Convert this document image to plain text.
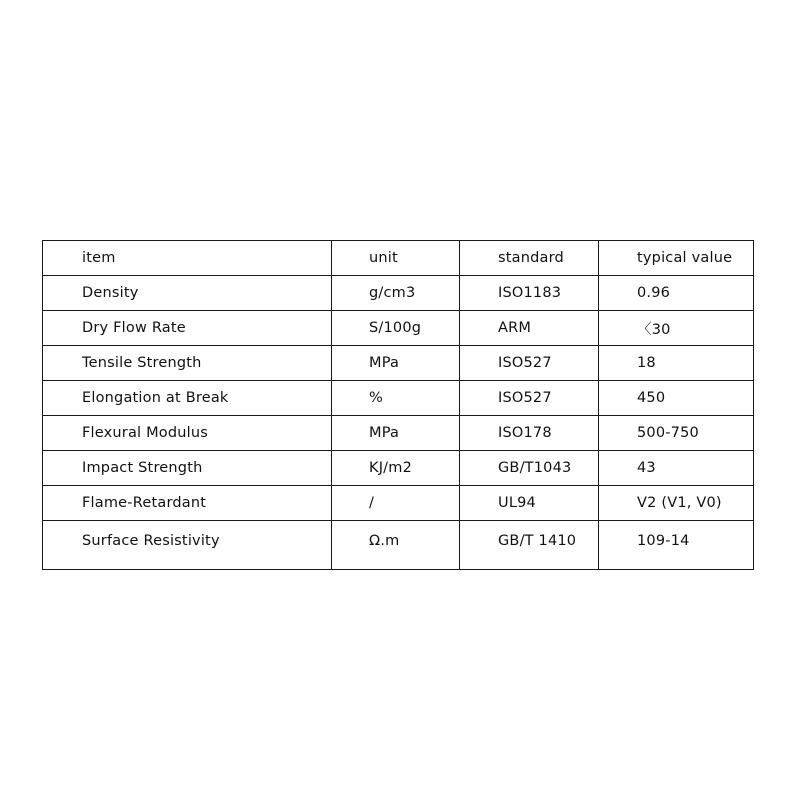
item	unit	standard	typical value
Density	g/cm3	ISO1183	0.96
Dry Flow Rate	S/100g	ARM	〈30
Tensile Strength	MPa	ISO527	18
Elongation at Break	%	ISO527	450
Flexural Modulus	MPa	ISO178	500-750
Impact Strength	KJ/m2	GB/T1043	43
Flame-Retardant	/	UL94	V2 (V1, V0)
Surface Resistivity	Ω.m	GB/T 1410	109-14
